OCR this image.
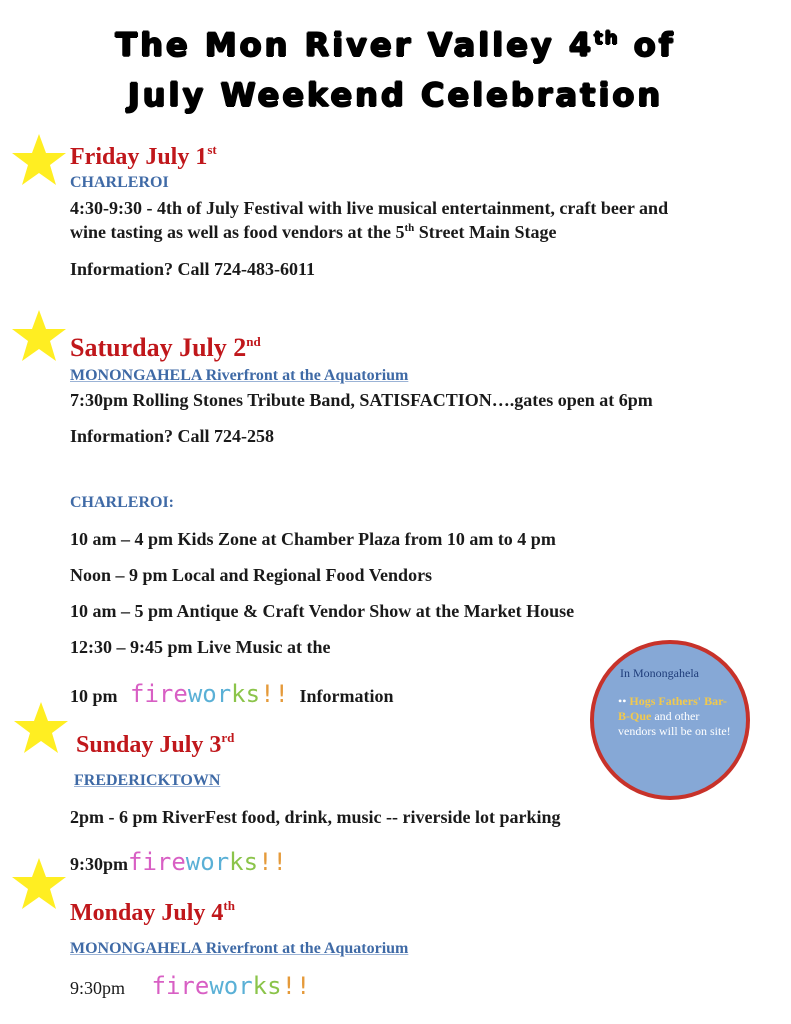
The Mon River Valley 4th of
July Weekend Celebration
Friday July 1st
CHARLEROI
4:30-9:30 - 4th of July Festival with live musical entertainment, craft beer and
wine tasting as well as food vendors at the 5th Street Main Stage
Information? Call 724-483-6011
Saturday July 2nd
MONONGAHELA Riverfront at the Aquatorium
7:30pm Rolling Stones Tribute Band, SATISFACTION….gates open at 6pm
Information? Call 724-258
CHARLEROI:
10 am – 4 pm Kids Zone at Chamber Plaza from 10 am to 4 pm
Noon – 9 pm Local and Regional Food Vendors
10 am – 5 pm Antique & Craft Vendor Show at the Market House
12:30 – 9:45 pm Live Music at the
10 pm fireworks!! Information
Sunday July 3rd
FREDERICKTOWN
2pm - 6 pm RiverFest food, drink, music -- riverside lot parking
9:30pmfireworks!!
Monday July 4th
MONONGAHELA Riverfront at the Aquatorium
9:30pm fireworks!!
In Monongahela
•• Hogs Fathers' Bar-B-Que and other vendors will be on site!
